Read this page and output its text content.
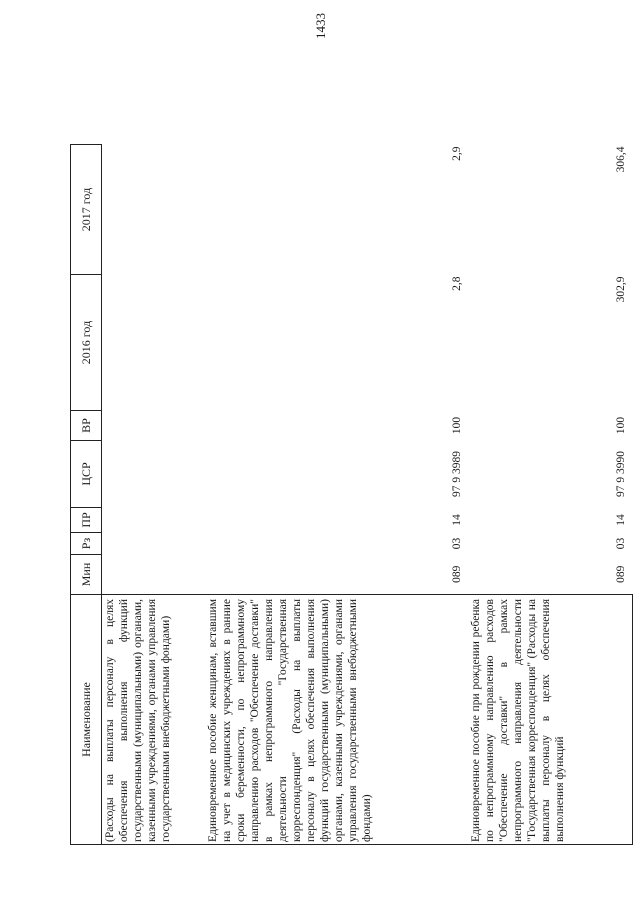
1433
Наименование	Мин	Рз	ПР	ЦСР	ВР	2016 год	2017 год

(Расходы на выплаты персоналу в целях обеспечения выполнения функций государственными (муниципальными) органами, казенными учреждениями, органами управления государственными внебюджетными фондами)							

Единовременное пособие женщинам, вставшим на учет в медицинских учреждениях в ранние сроки беременности, по непрограммному направлению расходов "Обеспечение доставки" в рамках непрограммного направления деятельности "Государственная корреспонденция" (Расходы на выплаты персоналу в целях обеспечения выполнения функций государственными (муниципальными) органами, казенными учреждениями, органами управления государственными внебюджетными фондами)	089	03	14	97 9 3989	100	2,8	2,9

Единовременное пособие при рождении ребенка по непрограммному направлению расходов "Обеспечение доставки" в рамках непрограммного направления деятельности "Государственная корреспонденция" (Расходы на выплаты персоналу в целях обеспечения выполнения функций	089	03	14	97 9 3990	100	302,9	306,4
